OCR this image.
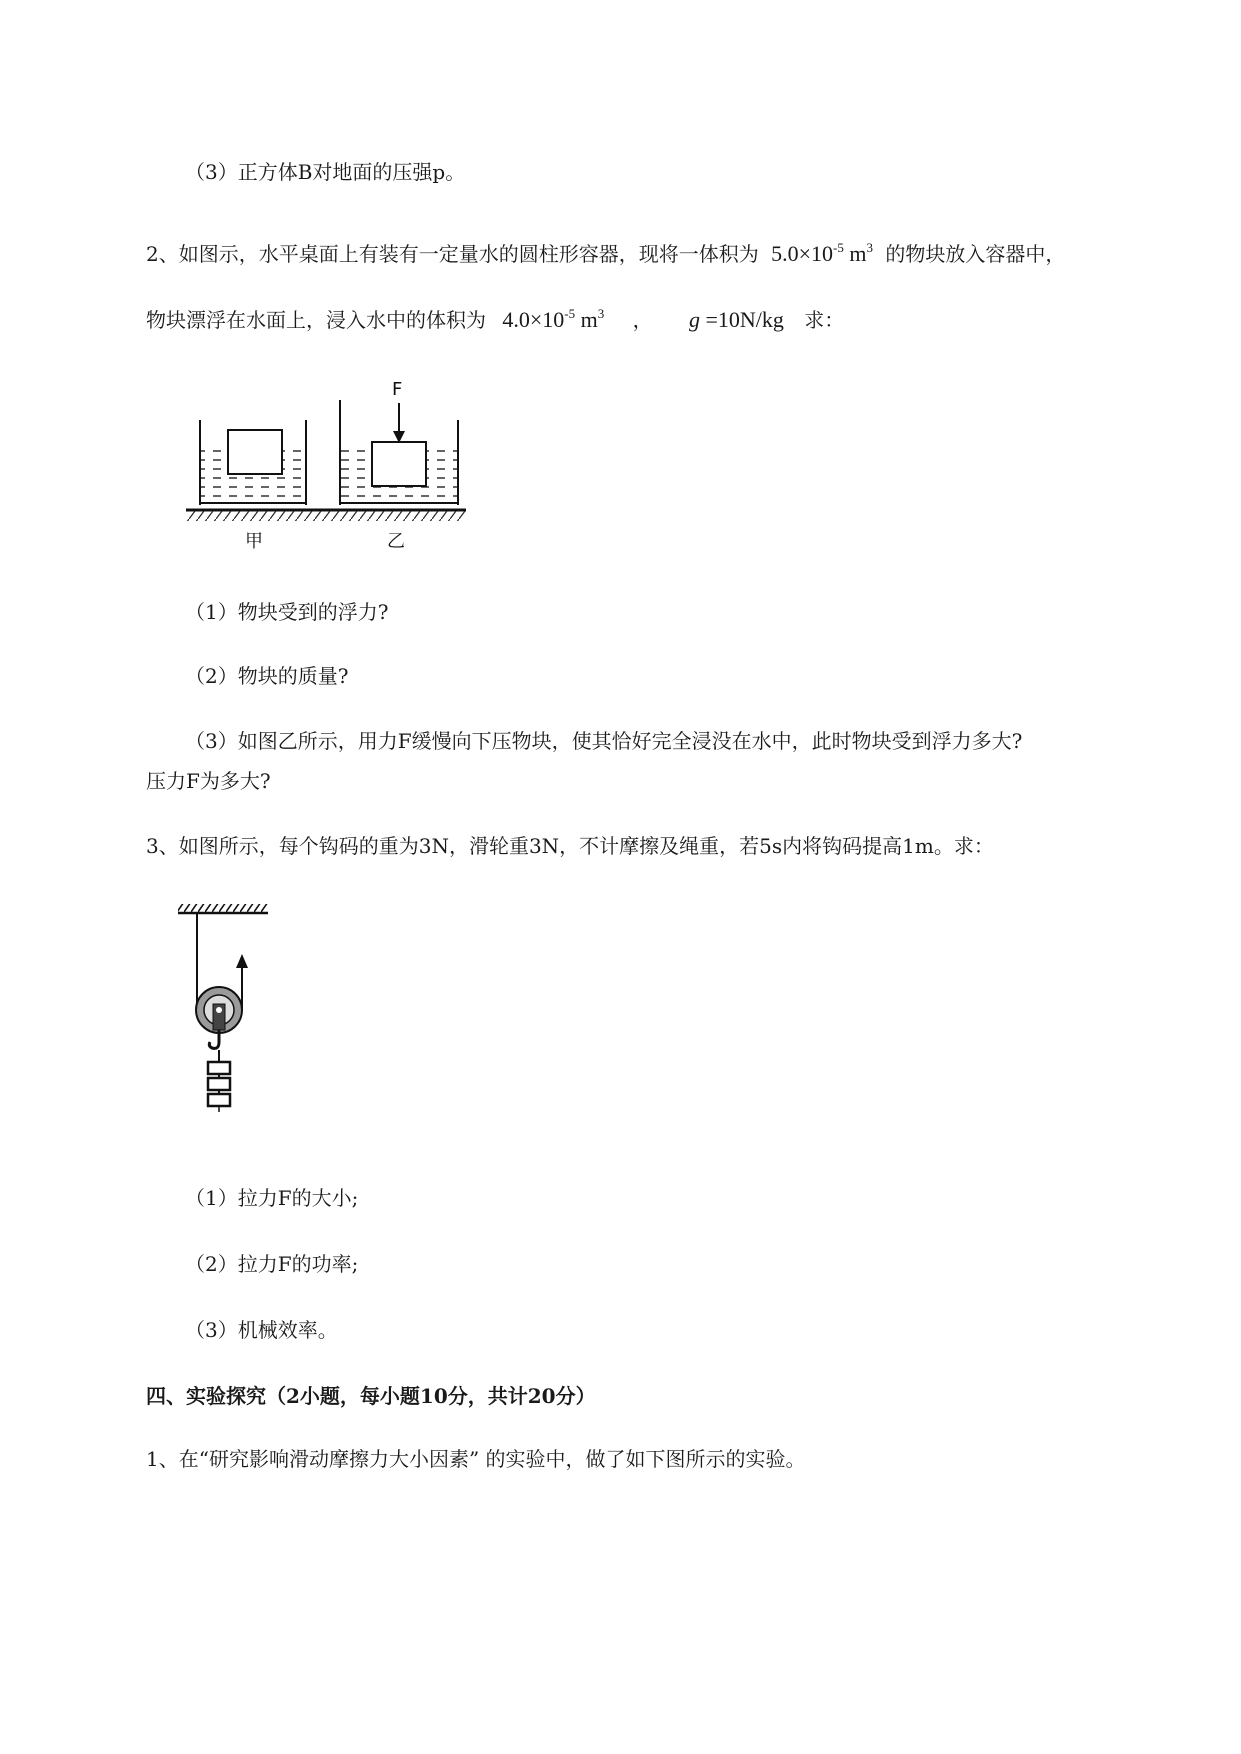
（3）正方体B对地面的压强p。
2、如图示，水平桌面上有装有一定量水的圆柱形容器，现将一体积为 $5.0\times 10^{-5}$ $m^3$ 的物块放入容器中，
物块漂浮在水面上，浸入水中的体积为 $4.0\times 10^{-5}$ $m^3$ ， g =10N/kg 求：
F
甲	乙
（1）物块受到的浮力?
（2）物块的质量?
（3）如图乙所示，用力F缓慢向下压物块，使其恰好完全浸没在水中，此时物块受到浮力多大?
压力F为多大?
3、如图所示，每个钩码的重为3N，滑轮重3N，不计摩擦及绳重，若5s内将钩码提高1m。求：
（1）拉力F的大小;
（2）拉力F的功率;
（3）机械效率。
四、实验探究（2小题，每小题10分，共计20分）
1、在“研究影响滑动摩擦力大小因素” 的实验中，做了如下图所示的实验。
